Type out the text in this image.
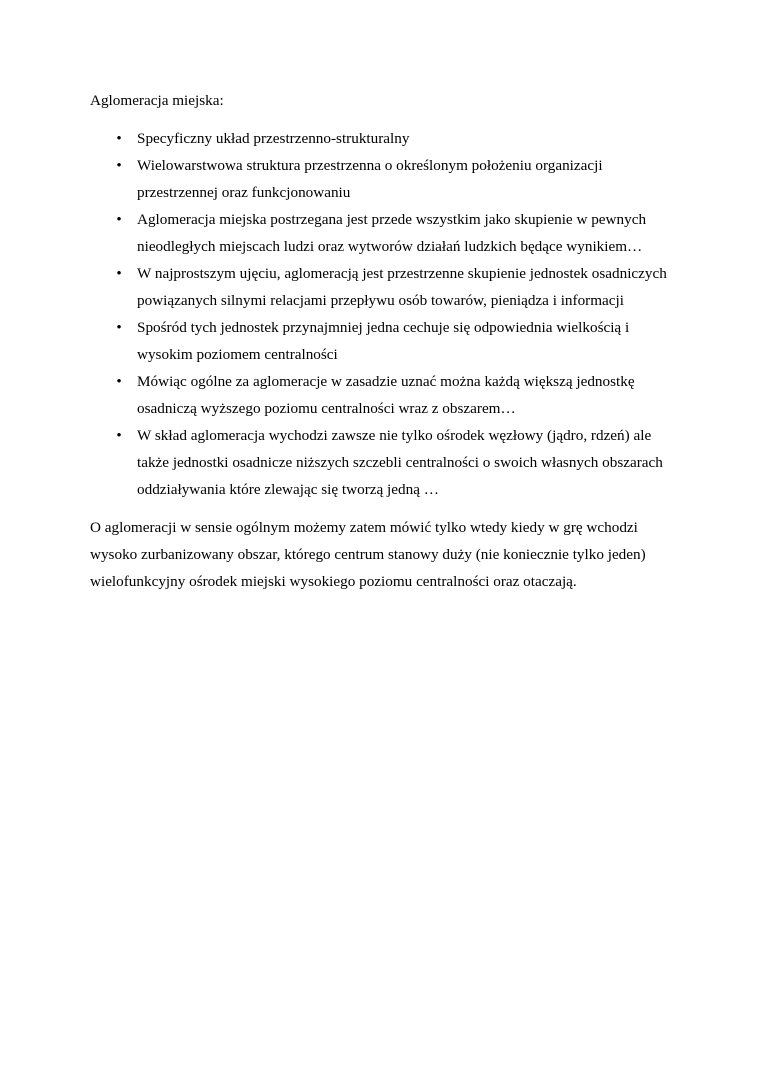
Aglomeracja miejska:

• Specyficzny układ przestrzenno-strukturalny
• Wielowarstwowa struktura przestrzenna o określonym położeniu organizacji przestrzennej oraz funkcjonowaniu
• Aglomeracja miejska postrzegana jest przede wszystkim jako skupienie w pewnych nieodległych miejscach ludzi oraz wytworów działań ludzkich będące wynikiem…
• W najprostszym ujęciu, aglomeracją jest przestrzenne skupienie jednostek osadniczych powiązanych silnymi relacjami przepływu osób towarów, pieniądza i informacji
• Spośród tych jednostek przynajmniej jedna cechuje się odpowiednia wielkością i wysokim poziomem centralności
• Mówiąc ogólne za aglomeracje w zasadzie uznać można każdą większą jednostkę osadniczą wyższego poziomu centralności wraz z obszarem…
• W skład aglomeracja wychodzi zawsze nie tylko ośrodek węzłowy (jądro, rdzeń) ale także jednostki osadnicze niższych szczebli centralności o swoich własnych obszarach oddziaływania które zlewając się tworzą jedną …

O aglomeracji w sensie ogólnym możemy zatem mówić tylko wtedy kiedy w grę wchodzi wysoko zurbanizowany obszar, którego centrum stanowy duży (nie koniecznie tylko jeden) wielofunkcyjny ośrodek miejski wysokiego poziomu centralności oraz otaczają.
